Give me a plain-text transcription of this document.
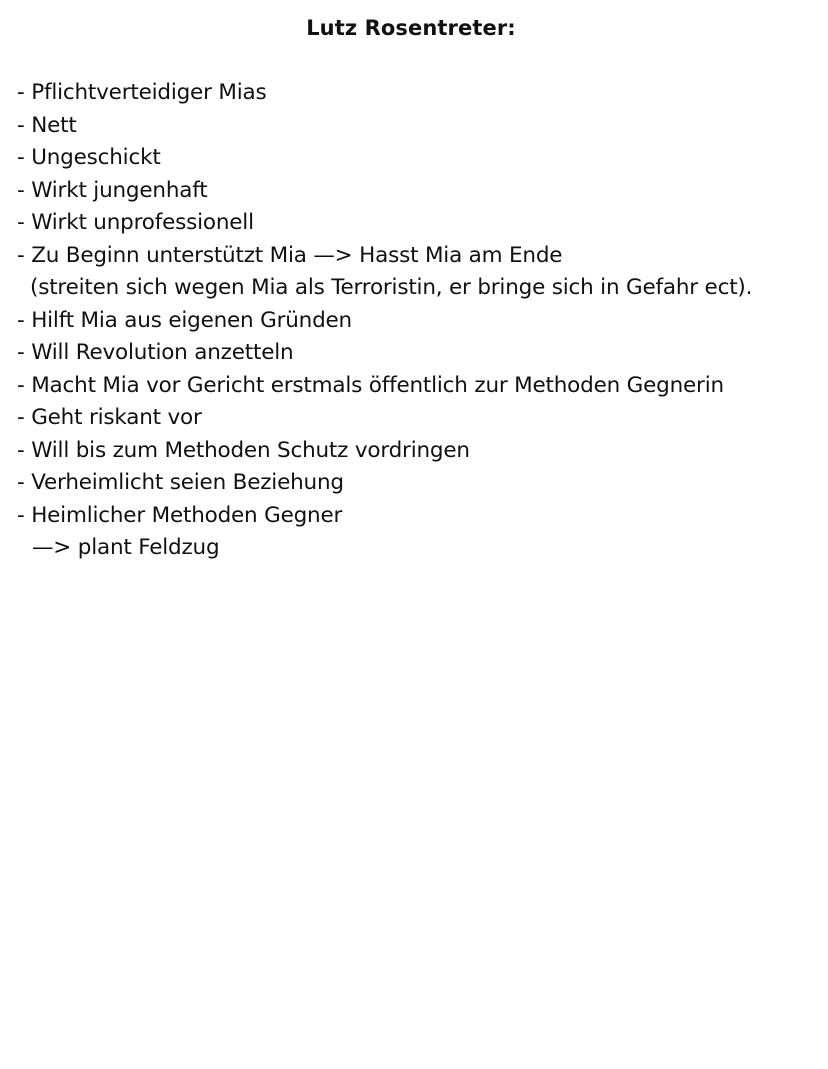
Lutz Rosentreter:
- Pflichtverteidiger Mias
- Nett
- Ungeschickt
- Wirkt jungenhaft
- Wirkt unprofessionell
- Zu Beginn unterstützt Mia —> Hasst Mia am Ende
(streiten sich wegen Mia als Terroristin, er bringe sich in Gefahr ect).
- Hilft Mia aus eigenen Gründen
- Will Revolution anzetteln
- Macht Mia vor Gericht erstmals öffentlich zur Methoden Gegnerin
- Geht riskant vor
- Will bis zum Methoden Schutz vordringen
- Verheimlicht seien Beziehung
- Heimlicher Methoden Gegner
—> plant Feldzug
